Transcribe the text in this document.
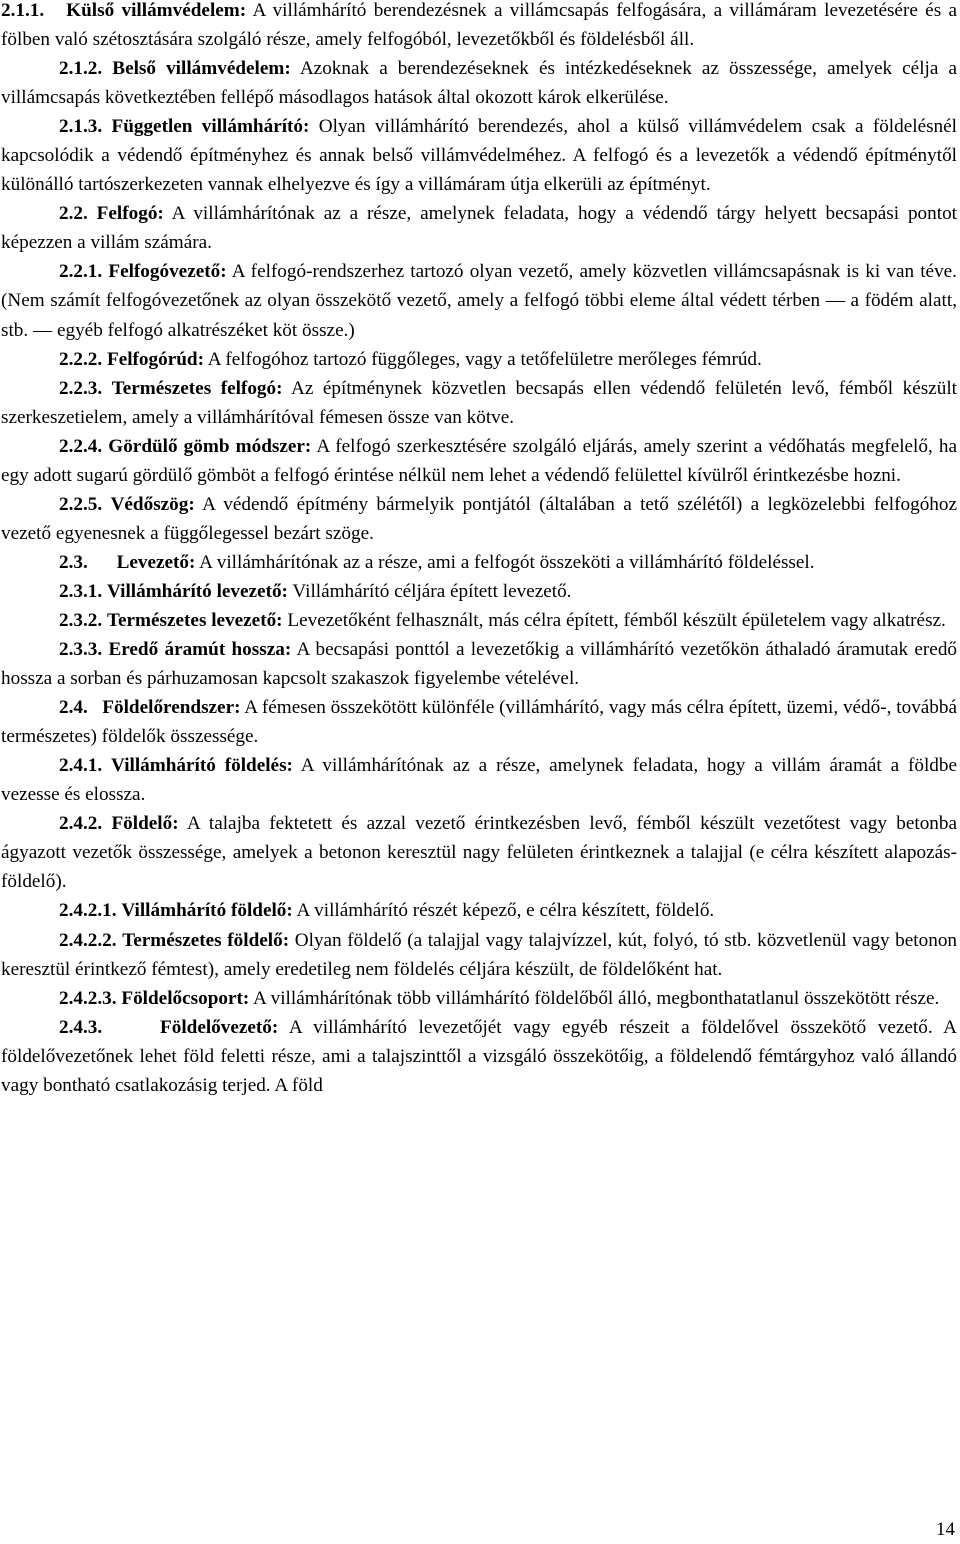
2.1.1. Külső villámvédelem: A villámhárító berendezésnek a villámcsapás felfogására, a villámáram levezetésére és a fölben való szétosztására szolgáló része, amely felfogóból, levezetőkből és földelésből áll.

2.1.2. Belső villámvédelem: Azoknak a berendezéseknek és intézkedéseknek az összessége, amelyek célja a villámcsapás következtében fellépő másodlagos hatások által okozott károk elkerülése.

2.1.3. Független villámhárító: Olyan villámhárító berendezés, ahol a külső villámvédelem csak a földelésnél kapcsolódik a védendő építményhez és annak belső villámvédelméhez. A felfogó és a levezetők a védendő építménytől különálló tartószerkezeten vannak elhelyezve és így a villámáram útja elkerüli az építményt.

2.2. Felfogó: A villámhárítónak az a része, amelynek feladata, hogy a védendő tárgy helyett becsapási pontot képezzen a villám számára.

2.2.1. Felfogóvezető: A felfogó-rendszerhez tartozó olyan vezető, amely közvetlen villámcsapásnak is ki van téve. (Nem számít felfogóvezetőnek az olyan összekötő vezető, amely a felfogó többi eleme által védett térben — a födém alatt, stb. — egyéb felfogó alkatrészéket köt össze.)

2.2.2. Felfogórúd: A felfogóhoz tartozó függőleges, vagy a tetőfelületre merőleges fémrúd.

2.2.3. Természetes felfogó: Az építménynek közvetlen becsapás ellen védendő felületén levő, fémből készült szerkeszetielem, amely a villámhárítóval fémesen össze van kötve.

2.2.4. Gördülő gömb módszer: A felfogó szerkesztésére szolgáló eljárás, amely szerint a védőhatás megfelelő, ha egy adott sugarú gördülő gömböt a felfogó érintése nélkül nem lehet a védendő felülettel kívülről érintkezésbe hozni.

2.2.5. Védőszög: A védendő építmény bármelyik pontjától (általában a tető szélétől) a legközelebbi felfogóhoz vezető egyenesnek a függőlegessel bezárt szöge.

2.3. Levezető: A villámhárítónak az a része, ami a felfogót összeköti a villámhárító földeléssel.

2.3.1. Villámhárító levezető: Villámhárító céljára épített levezető.

2.3.2. Természetes levezető: Levezetőként felhasznált, más célra épített, fémből készült épületelem vagy alkatrész.

2.3.3. Eredő áramút hossza: A becsapási ponttól a levezetőkig a villámhárító vezetőkön áthaladó áramutak eredő hossza a sorban és párhuzamosan kapcsolt szakaszok figyelembe vételével.

2.4. Földelőrendszer: A fémesen összekötött különféle (villámhárító, vagy más célra épített, üzemi, védő-, továbbá természetes) földelők összessége.

2.4.1. Villámhárító földelés: A villámhárítónak az a része, amelynek feladata, hogy a villám áramát a földbe vezesse és elossza.

2.4.2. Földelő: A talajba fektetett és azzal vezető érintkezésben levő, fémből készült vezetőtest vagy betonba ágyazott vezetők összessége, amelyek a betonon keresztül nagy felületen érintkeznek a talajjal (e célra készített alapozás-földelő).

2.4.2.1. Villámhárító földelő: A villámhárító részét képező, e célra készített, földelő.

2.4.2.2. Természetes földelő: Olyan földelő (a talajjal vagy talajvízzel, kút, folyó, tó stb. közvetlenül vagy betonon keresztül érintkező fémtest), amely eredetileg nem földelés céljára készült, de földelőként hat.

2.4.2.3. Földelőcsoport: A villámhárítónak több villámhárító földelőből álló, megbonthatatlanul összekötött része.

2.4.3.	Földelővezető: A villámhárító levezetőjét vagy egyéb részeit a földelővel összekötő vezető. A földelővezetőnek lehet föld feletti része, ami a talajszinttől a vizsgáló összekötőig, a földelendő fémtárgyhoz való állandó vagy bontható csatlakozásig terjed. A föld

14
